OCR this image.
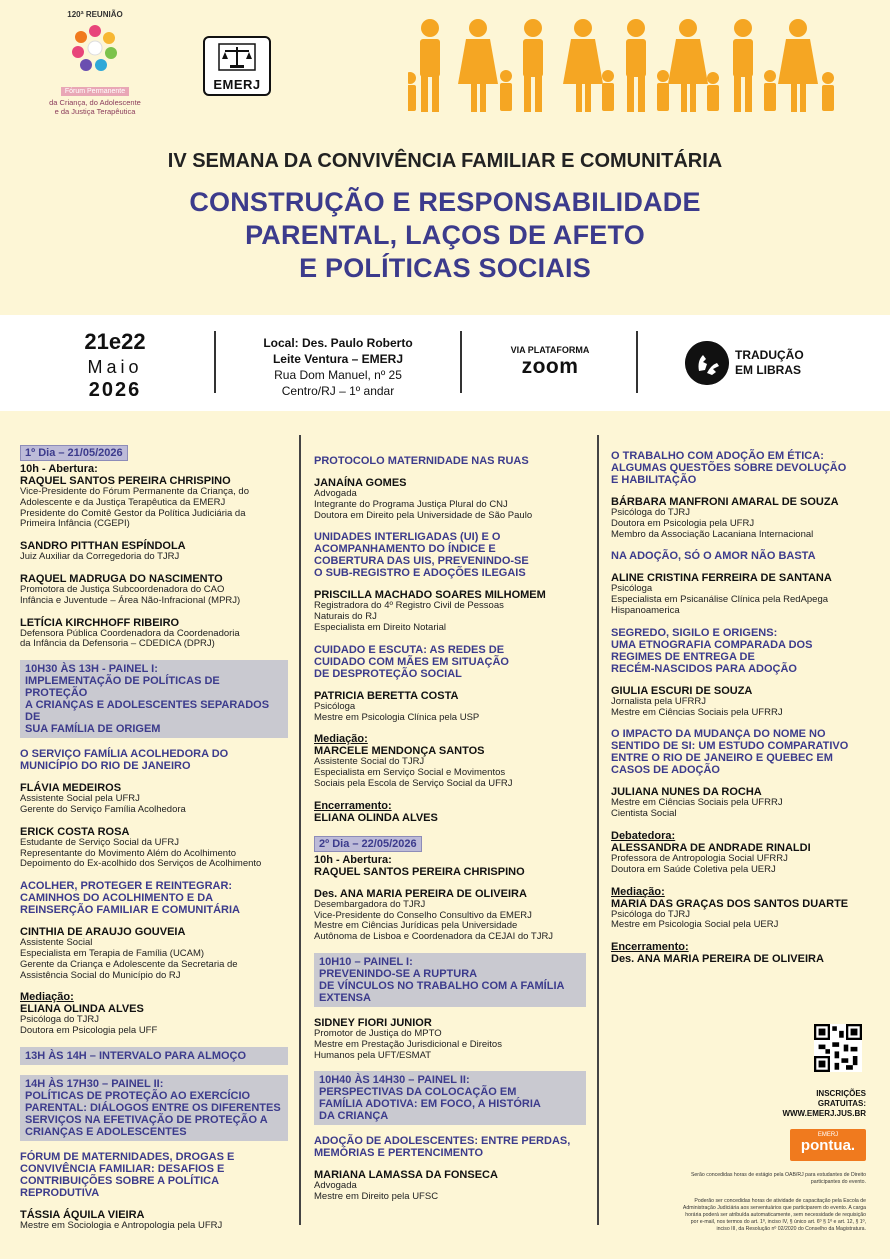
120ª REUNIÃO
Fórum Permanente
da Criança, do Adolescente
e da Justiça Terapêutica
EMERJ
IV SEMANA DA CONVIVÊNCIA FAMILIAR E COMUNITÁRIA
CONSTRUÇÃO E RESPONSABILIDADE
PARENTAL, LAÇOS DE AFETO
E POLÍTICAS SOCIAIS
21e22
Maio
2026
Local: Des. Paulo Roberto
Leite Ventura – EMERJ
Rua Dom Manuel, nº 25
Centro/RJ – 1º andar
VIA PLATAFORMA
zoom	TRADUÇÃO
EM LIBRAS
1º Dia – 21/05/2026
10h - Abertura:
RAQUEL SANTOS PEREIRA CHRISPINO
Vice-Presidente do Fórum Permanente da Criança, do
Adolescente e da Justiça Terapêutica da EMERJ
Presidente do Comitê Gestor da Política Judiciária da
Primeira Infância (CGEPI)
SANDRO PITTHAN ESPÍNDOLA
Juiz Auxiliar da Corregedoria do TJRJ
RAQUEL MADRUGA DO NASCIMENTO
Promotora de Justiça Subcoordenadora do CAO
Infância e Juventude – Área Não-Infracional (MPRJ)
LETÍCIA KIRCHHOFF RIBEIRO
Defensora Pública Coordenadora da Coordenadoria
da Infância da Defensoria – CDEDICA (DPRJ)
10H30 ÀS 13H - PAINEL I:
IMPLEMENTAÇÃO DE POLÍTICAS DE PROTEÇÃO
A CRIANÇAS E ADOLESCENTES SEPARADOS DE
SUA FAMÍLIA DE ORIGEM
O SERVIÇO FAMÍLIA ACOLHEDORA DO
MUNICÍPIO DO RIO DE JANEIRO
FLÁVIA MEDEIROS
Assistente Social pela UFRJ
Gerente do Serviço Família Acolhedora
ERICK COSTA ROSA
Estudante de Serviço Social da UFRJ
Representante do Movimento Além do Acolhimento
Depoimento do Ex-acolhido dos Serviços de Acolhimento
ACOLHER, PROTEGER E REINTEGRAR:
CAMINHOS DO ACOLHIMENTO E DA
REINSERÇÃO FAMILIAR E COMUNITÁRIA
CINTHIA DE ARAUJO GOUVEIA
Assistente Social
Especialista em Terapia de Família (UCAM)
Gerente da Criança e Adolescente da Secretaria de
Assistência Social do Município do RJ
Mediação:
ELIANA OLINDA ALVES
Psicóloga do TJRJ
Doutora em Psicologia pela UFF
13H ÀS 14H – INTERVALO PARA ALMOÇO
14H ÀS 17H30 – PAINEL II:
POLÍTICAS DE PROTEÇÃO AO EXERCÍCIO
PARENTAL: DIÁLOGOS ENTRE OS DIFERENTES
SERVIÇOS NA EFETIVAÇÃO DE PROTEÇÃO A
CRIANÇAS E ADOLESCENTES
FÓRUM DE MATERNIDADES, DROGAS E
CONVIVÊNCIA FAMILIAR: DESAFIOS E
CONTRIBUIÇÕES SOBRE A POLÍTICA
REPRODUTIVA
TÁSSIA ÁQUILA VIEIRA
Mestre em Sociologia e Antropologia pela UFRJ
PROTOCOLO MATERNIDADE NAS RUAS
JANAÍNA GOMES
Advogada
Integrante do Programa Justiça Plural do CNJ
Doutora em Direito pela Universidade de São Paulo
UNIDADES INTERLIGADAS (UI) E O
ACOMPANHAMENTO DO ÍNDICE E
COBERTURA DAS UIS, PREVENINDO-SE
O SUB-REGISTRO E ADOÇÕES ILEGAIS
PRISCILLA MACHADO SOARES MILHOMEM
Registradora do 4º Registro Civil de Pessoas
Naturais do RJ
Especialista em Direito Notarial
CUIDADO E ESCUTA: AS REDES DE
CUIDADO COM MÃES EM SITUAÇÃO
DE DESPROTEÇÃO SOCIAL
PATRICIA BERETTA COSTA
Psicóloga
Mestre em Psicologia Clínica pela USP
Mediação:
MARCELE MENDONÇA SANTOS
Assistente Social do TJRJ
Especialista em Serviço Social e Movimentos
Sociais pela Escola de Serviço Social da UFRJ
Encerramento:
ELIANA OLINDA ALVES
2º Dia – 22/05/2026
10h - Abertura:
RAQUEL SANTOS PEREIRA CHRISPINO
Des. ANA MARIA PEREIRA DE OLIVEIRA
Desembargadora do TJRJ
Vice-Presidente do Conselho Consultivo da EMERJ
Mestre em Ciências Jurídicas pela Universidade
Autônoma de Lisboa e Coordenadora da CEJAI do TJRJ
10H10 – PAINEL I:
PREVENINDO-SE A RUPTURA
DE VÍNCULOS NO TRABALHO COM A FAMÍLIA
EXTENSA
SIDNEY FIORI JUNIOR
Promotor de Justiça do MPTO
Mestre em Prestação Jurisdicional e Direitos
Humanos pela UFT/ESMAT
10H40 ÀS 14H30 – PAINEL II:
PERSPECTIVAS DA COLOCAÇÃO EM
FAMÍLIA ADOTIVA: EM FOCO, A HISTÓRIA
DA CRIANÇA
ADOÇÃO DE ADOLESCENTES: ENTRE PERDAS,
MEMÓRIAS E PERTENCIMENTO
MARIANA LAMASSA DA FONSECA
Advogada
Mestre em Direito pela UFSC
O TRABALHO COM ADOÇÃO EM ÉTICA:
ALGUMAS QUESTÕES SOBRE DEVOLUÇÃO
E HABILITAÇÃO
BÁRBARA MANFRONI AMARAL DE SOUZA
Psicóloga do TJRJ
Doutora em Psicologia pela UFRJ
Membro da Associação Lacaniana Internacional
NA ADOÇÃO, SÓ O AMOR NÃO BASTA
ALINE CRISTINA FERREIRA DE SANTANA
Psicóloga
Especialista em Psicanálise Clínica pela RedApega
Hispanoamerica
SEGREDO, SIGILO E ORIGENS:
UMA ETNOGRAFIA COMPARADA DOS
REGIMES DE ENTREGA DE
RECÉM-NASCIDOS PARA ADOÇÃO
GIULIA ESCURI DE SOUZA
Jornalista pela UFRRJ
Mestre em Ciências Sociais pela UFRRJ
O IMPACTO DA MUDANÇA DO NOME NO
SENTIDO DE SI: UM ESTUDO COMPARATIVO
ENTRE O RIO DE JANEIRO E QUEBEC EM
CASOS DE ADOÇÃO
JULIANA NUNES DA ROCHA
Mestre em Ciências Sociais pela UFRRJ
Cientista Social
Debatedora:
ALESSANDRA DE ANDRADE RINALDI
Professora de Antropologia Social UFRRJ
Doutora em Saúde Coletiva pela UERJ
Mediação:
MARIA DAS GRAÇAS DOS SANTOS DUARTE
Psicóloga do TJRJ
Mestre em Psicologia Social pela UERJ
Encerramento:
Des. ANA MARIA PEREIRA DE OLIVEIRA
INSCRIÇÕES
GRATUITAS:
WWW.EMERJ.JUS.BR
EMERJ
pontua.
Serão concedidas horas de estágio pela OAB/RJ para estudantes de Direito
participantes do evento.
Poderão ser concedidas horas de atividade de capacitação pela Escola de
Administração Judiciária aos serventuários que participarem do evento. A carga
horária poderá ser atribuída automaticamente, sem necessidade de requisição
por e-mail, nos termos do art. 1º, inciso IV, § único art. 6º § 1º e art. 12, § 1º,
inciso III, da Resolução nº 02/2020 do Conselho da Magistratura.
